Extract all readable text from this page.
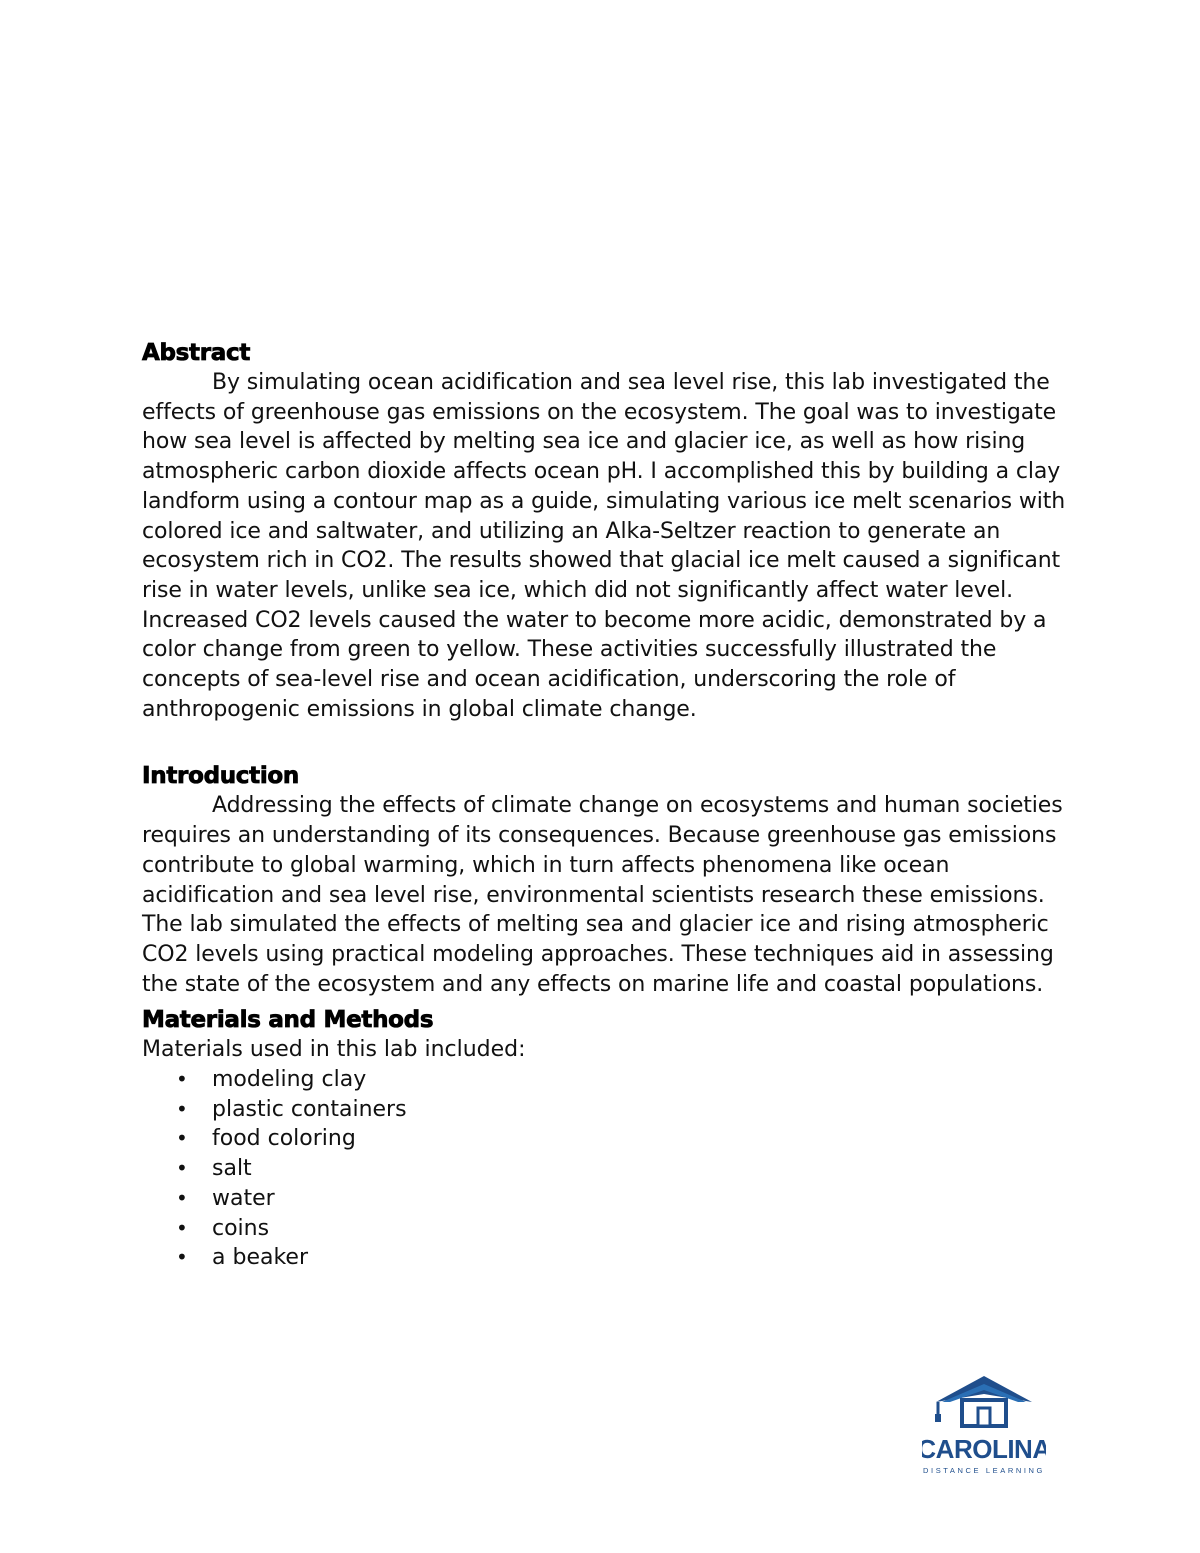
Abstract

By simulating ocean acidification and sea level rise, this lab investigated the effects of greenhouse gas emissions on the ecosystem. The goal was to investigate how sea level is affected by melting sea ice and glacier ice, as well as how rising atmospheric carbon dioxide affects ocean pH. I accomplished this by building a clay landform using a contour map as a guide, simulating various ice melt scenarios with colored ice and saltwater, and utilizing an Alka-Seltzer reaction to generate an ecosystem rich in CO2. The results showed that glacial ice melt caused a significant rise in water levels, unlike sea ice, which did not significantly affect water level. Increased CO2 levels caused the water to become more acidic, demonstrated by a color change from green to yellow. These activities successfully illustrated the concepts of sea-level rise and ocean acidification, underscoring the role of anthropogenic emissions in global climate change.

Introduction

Addressing the effects of climate change on ecosystems and human societies requires an understanding of its consequences. Because greenhouse gas emissions contribute to global warming, which in turn affects phenomena like ocean acidification and sea level rise, environmental scientists research these emissions. The lab simulated the effects of melting sea and glacier ice and rising atmospheric CO2 levels using practical modeling approaches. These techniques aid in assessing the state of the ecosystem and any effects on marine life and coastal populations.

Materials and Methods

Materials used in this lab included:

• modeling clay
• plastic containers
• food coloring
• salt
• water
• coins
• a beaker
CAROLINA
DISTANCE LEARNING
